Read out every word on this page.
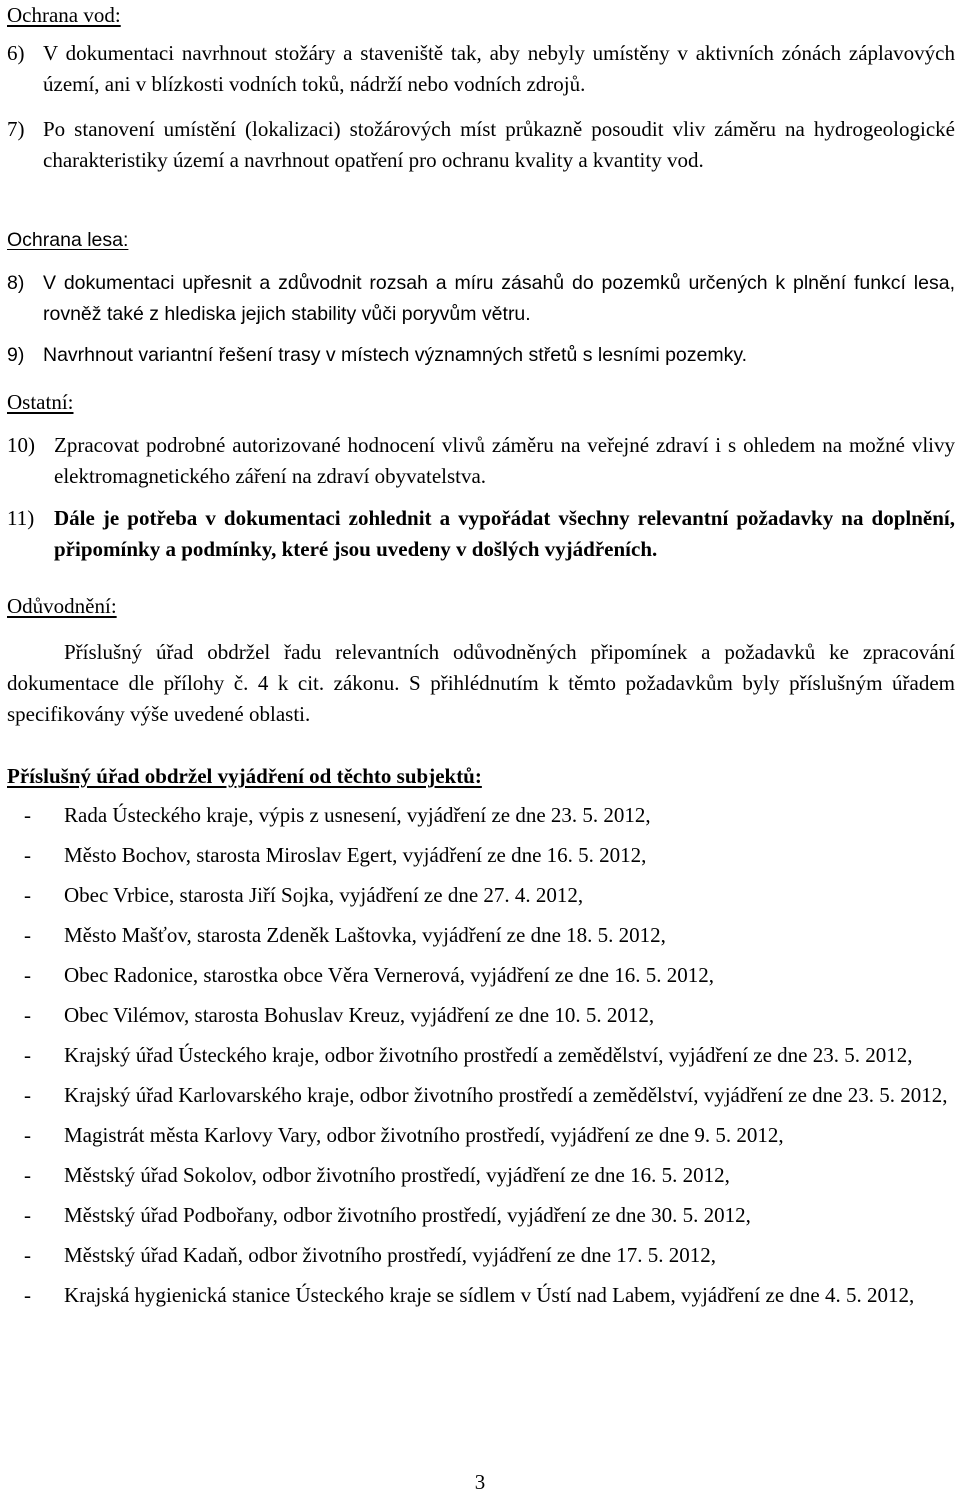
Ochrana vod:
6) V dokumentaci navrhnout stožáry a staveniště tak, aby nebyly umístěny v aktivních zónách záplavových území, ani v blízkosti vodních toků, nádrží nebo vodních zdrojů.
7) Po stanovení umístění (lokalizaci) stožárových míst průkazně posoudit vliv záměru na hydrogeologické charakteristiky území a navrhnout opatření pro ochranu kvality a kvantity vod.
Ochrana lesa:
8) V dokumentaci upřesnit a zdůvodnit rozsah a míru zásahů do pozemků určených k plnění funkcí lesa, rovněž také z hlediska jejich stability vůči poryvům větru.
9) Navrhnout variantní řešení trasy v místech významných střetů s lesními pozemky.
Ostatní:
10) Zpracovat podrobné autorizované hodnocení vlivů záměru na veřejné zdraví i s ohledem na možné vlivy elektromagnetického záření na zdraví obyvatelstva.
11) Dále je potřeba v dokumentaci zohlednit a vypořádat všechny relevantní požadavky na doplnění, připomínky a podmínky, které jsou uvedeny v došlých vyjádřeních.
Odůvodnění:

Příslušný úřad obdržel řadu relevantních odůvodněných připomínek a požadavků ke zpracování dokumentace dle přílohy č. 4 k cit. zákonu. S přihlédnutím k těmto požadavkům byly příslušným úřadem specifikovány výše uvedené oblasti.

Příslušný úřad obdržel vyjádření od těchto subjektů:
- Rada Ústeckého kraje, výpis z usnesení, vyjádření ze dne 23. 5. 2012,
- Město Bochov, starosta Miroslav Egert, vyjádření ze dne 16. 5. 2012,
- Obec Vrbice, starosta Jiří Sojka, vyjádření ze dne 27. 4. 2012,
- Město Mašťov, starosta Zdeněk Laštovka, vyjádření ze dne 18. 5. 2012,
- Obec Radonice, starostka obce Věra Vernerová, vyjádření ze dne 16. 5. 2012,
- Obec Vilémov, starosta Bohuslav Kreuz, vyjádření ze dne 10. 5. 2012,
- Krajský úřad Ústeckého kraje, odbor životního prostředí a zemědělství, vyjádření ze dne 23. 5. 2012,
- Krajský úřad Karlovarského kraje, odbor životního prostředí a zemědělství, vyjádření ze dne 23. 5. 2012,
- Magistrát města Karlovy Vary, odbor životního prostředí, vyjádření ze dne 9. 5. 2012,
- Městský úřad Sokolov, odbor životního prostředí, vyjádření ze dne 16. 5. 2012,
- Městský úřad Podbořany, odbor životního prostředí, vyjádření ze dne 30. 5. 2012,
- Městský úřad Kadaň, odbor životního prostředí, vyjádření ze dne 17. 5. 2012,
- Krajská hygienická stanice Ústeckého kraje se sídlem v Ústí nad Labem, vyjádření ze dne 4. 5. 2012,
3
